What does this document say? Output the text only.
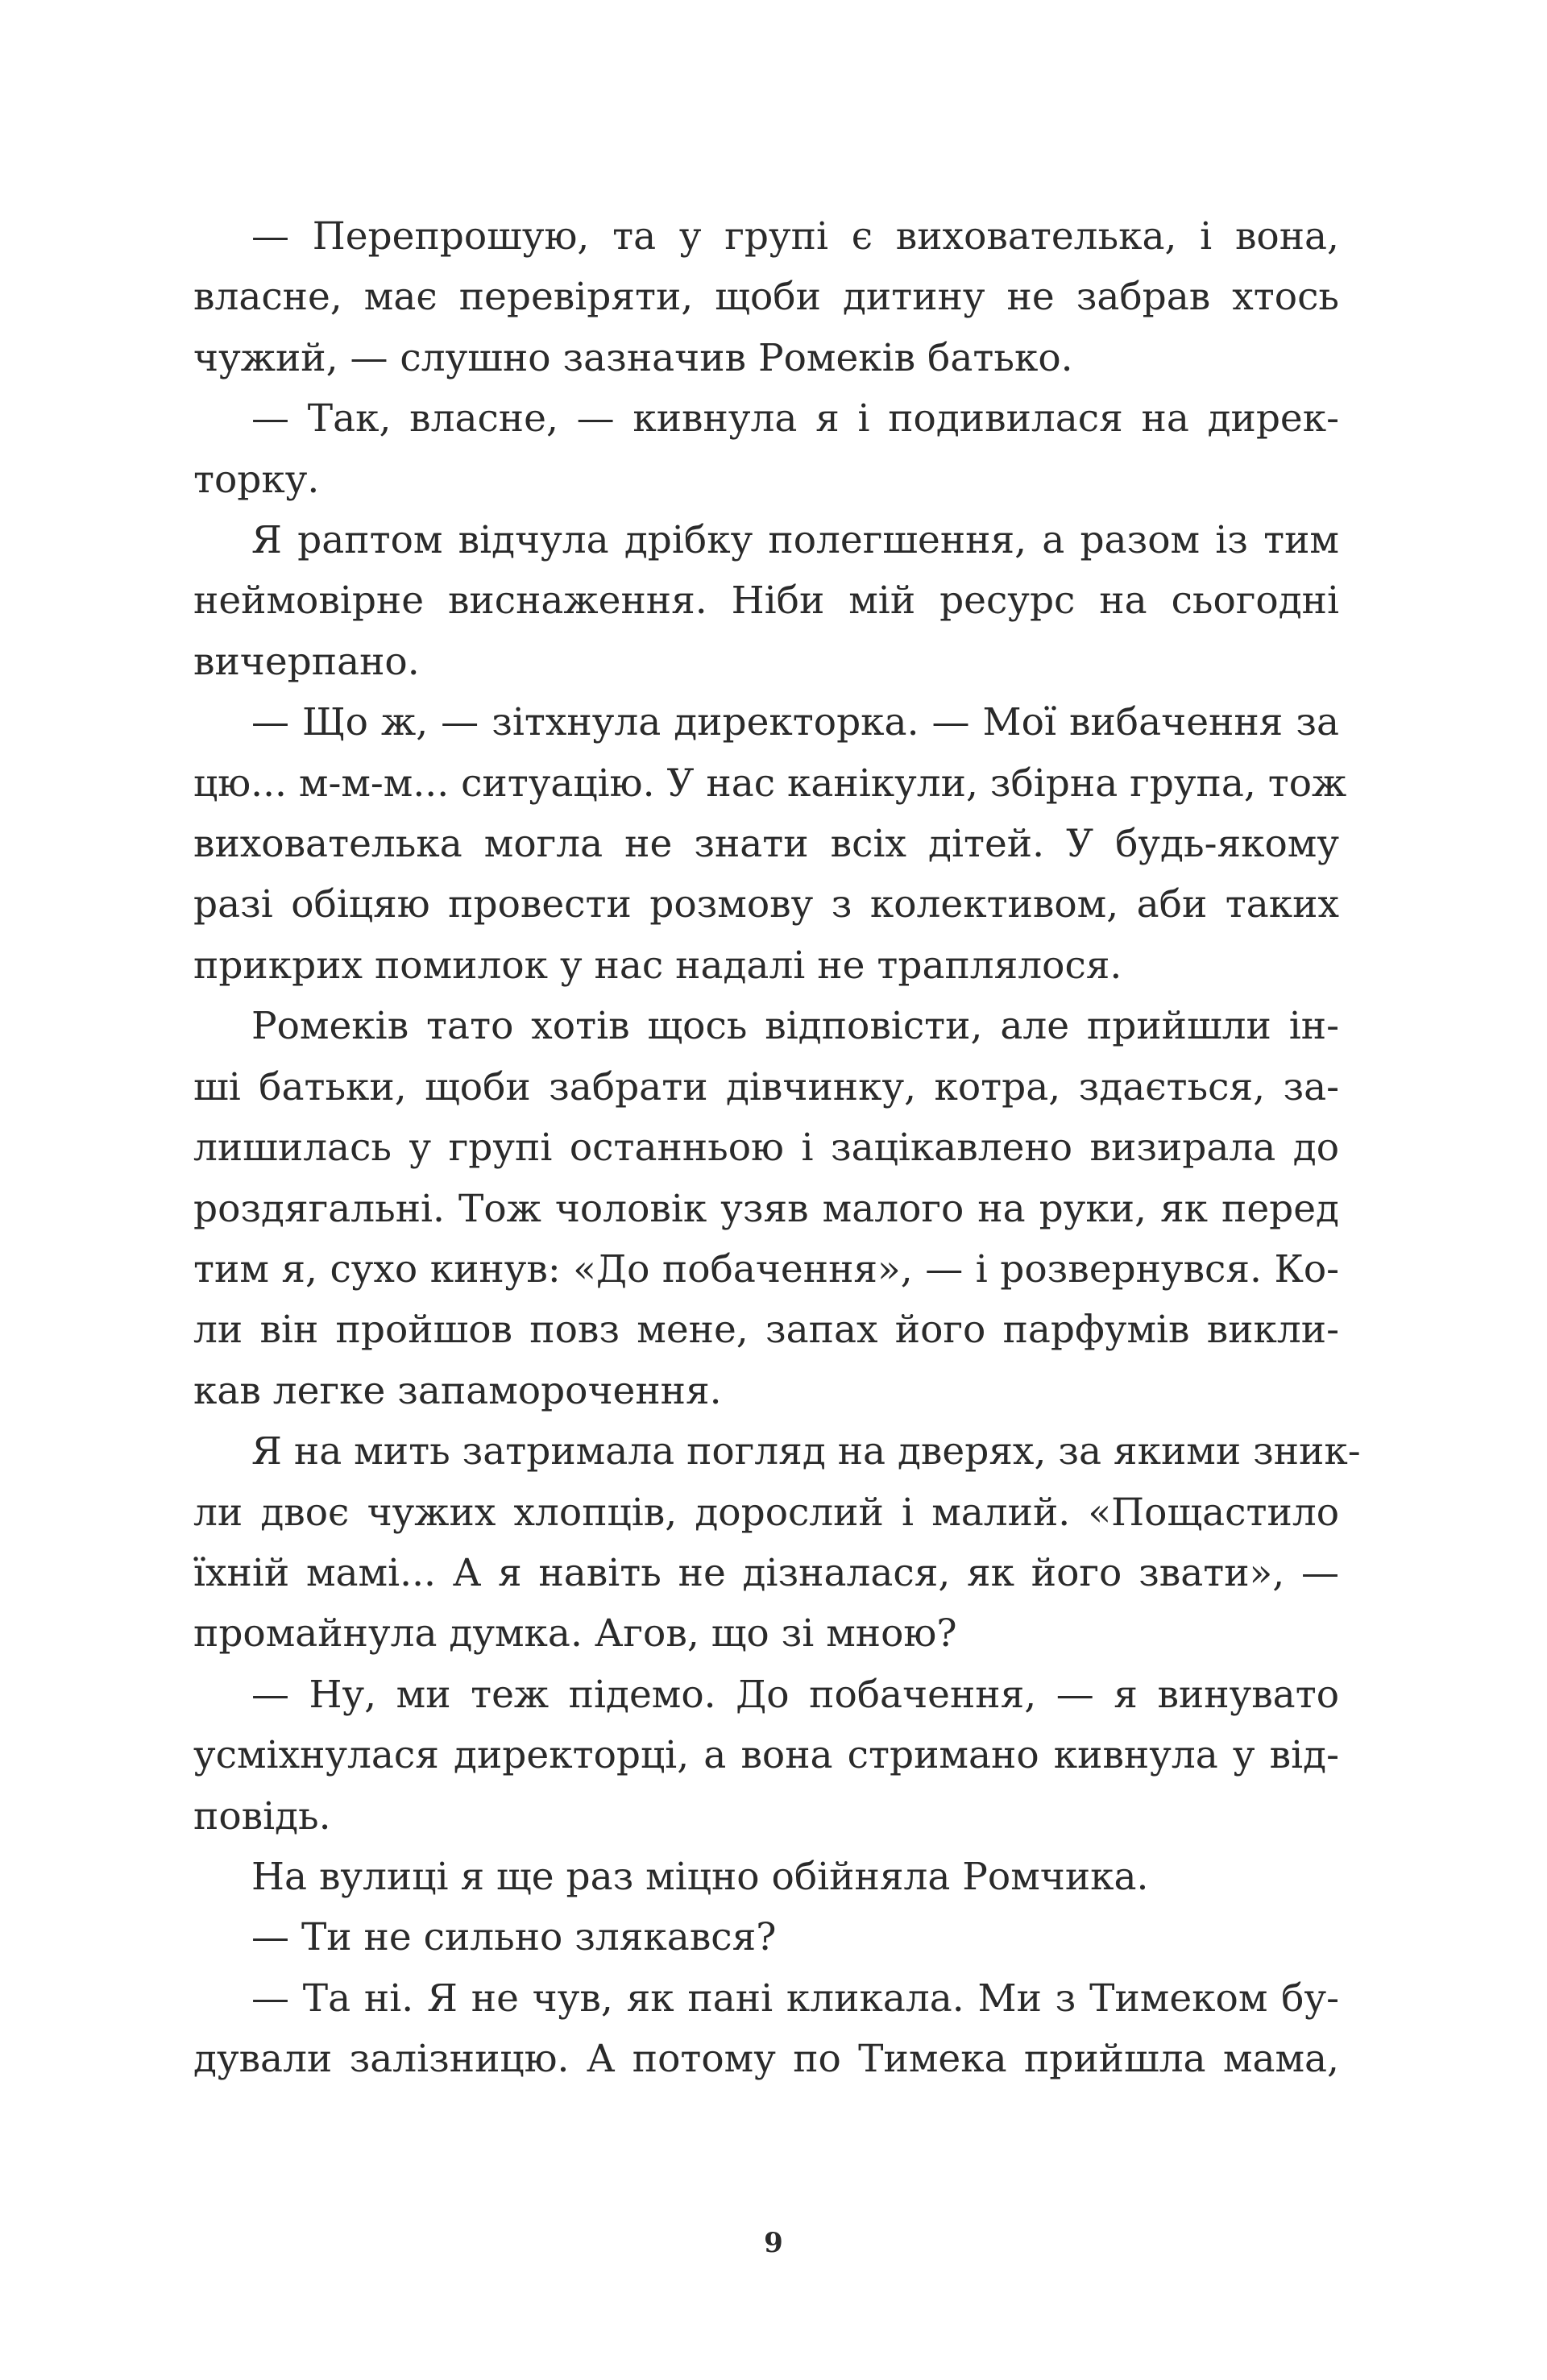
— Перепрошую, та у групі є вихователька, і вона,
власне, має перевіряти, щоби дитину не забрав хтось
чужий, — слушно зазначив Ромеків батько.
— Так, власне, — кивнула я і подивилася на дирек-
торку.
Я раптом відчула дрібку полегшення, а разом із тим
неймовірне виснаження. Ніби мій ресурс на сьогодні
вичерпано.
— Що ж, — зітхнула директорка. — Мої вибачення за
цю... м-м-м... ситуацію. У нас канікули, збірна група, тож
вихователька могла не знати всіх дітей. У будь-якому
разі обіцяю провести розмову з колективом, аби таких
прикрих помилок у нас надалі не траплялося.
Ромеків тато хотів щось відповісти, але прийшли ін-
ші батьки, щоби забрати дівчинку, котра, здається, за-
лишилась у групі останньою і зацікавлено визирала до
роздягальні. Тож чоловік узяв малого на руки, як перед
тим я, сухо кинув: «До побачення», — і розвернувся. Ко-
ли він пройшов повз мене, запах його парфумів викли-
кав легке запаморочення.
Я на мить затримала погляд на дверях, за якими зник-
ли двоє чужих хлопців, дорослий і малий. «Пощастило
їхній мамі... А я навіть не дізналася, як його звати», —
промайнула думка. Агов, що зі мною?
— Ну, ми теж підемо. До побачення, — я винувато
усміхнулася директорці, а вона стримано кивнула у від-
повідь.
На вулиці я ще раз міцно обійняла Ромчика.
— Ти не сильно злякався?
— Та ні. Я не чув, як пані кликала. Ми з Тимеком бу-
дували залізницю. А потому по Тимека прийшла мама,
9
